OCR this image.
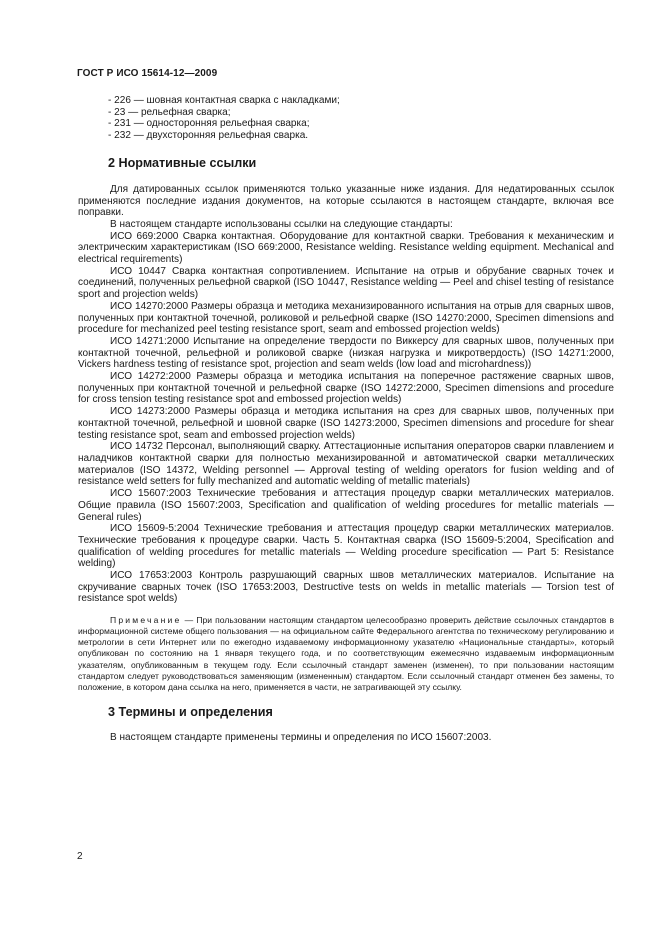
ГОСТ Р ИСО 15614-12—2009
- 226 — шовная контактная сварка с накладками;
- 23 — рельефная сварка;
- 231 — односторонняя рельефная сварка;
- 232 — двухсторонняя рельефная сварка.
2 Нормативные ссылки

Для датированных ссылок применяются только указанные ниже издания. Для недатированных ссылок применяются последние издания документов, на которые ссылаются в настоящем стандарте, включая все поправки.

В настоящем стандарте использованы ссылки на следующие стандарты:

ИСО 669:2000 Сварка контактная. Оборудование для контактной сварки. Требования к механическим и электрическим характеристикам (ISO 669:2000, Resistance welding. Resistance welding equipment. Mechanical and electrical requirements)

ИСО 10447 Сварка контактная сопротивлением. Испытание на отрыв и обрубание сварных точек и соединений, полученных рельефной сваркой (ISO 10447, Resistance welding — Peel and chisel testing of resistance sport and projection welds)

ИСО 14270:2000 Размеры образца и методика механизированного испытания на отрыв для сварных швов, полученных при контактной точечной, роликовой и рельефной сварке (ISO 14270:2000, Specimen dimensions and procedure for mechanized peel testing resistance sport, seam and embossed projection welds)

ИСО 14271:2000 Испытание на определение твердости по Виккерсу для сварных швов, полученных при контактной точечной, рельефной и роликовой сварке (низкая нагрузка и микротвердость) (ISO 14271:2000, Vickers hardness testing of resistance spot, projection and seam welds (low load and microhardness))

ИСО 14272:2000 Размеры образца и методика испытания на поперечное растяжение сварных швов, полученных при контактной точечной и рельефной сварке (ISO 14272:2000, Specimen dimensions and procedure for cross tension testing resistance spot and embossed projection welds)

ИСО 14273:2000 Размеры образца и методика испытания на срез для сварных швов, полученных при контактной точечной, рельефной и шовной сварке (ISO 14273:2000, Specimen dimensions and procedure for shear testing resistance spot, seam and embossed projection welds)

ИСО 14732 Персонал, выполняющий сварку. Аттестационные испытания операторов сварки плавлением и наладчиков контактной сварки для полностью механизированной и автоматической сварки металлических материалов (ISO 14372, Welding personnel — Approval testing of welding operators for fusion welding and of resistance weld setters for fully mechanized and automatic welding of metallic materials)

ИСО 15607:2003 Технические требования и аттестация процедур сварки металлических материалов. Общие правила (ISO 15607:2003, Specification and qualification of welding procedures for metallic materials — General rules)

ИСО 15609-5:2004 Технические требования и аттестация процедур сварки металлических материалов. Технические требования к процедуре сварки. Часть 5. Контактная сварка (ISO 15609-5:2004, Specification and qualification of welding procedures for metallic materials — Welding procedure specification — Part 5: Resistance welding)

ИСО 17653:2003 Контроль разрушающий сварных швов металлических материалов. Испытание на скручивание сварных точек (ISO 17653:2003, Destructive tests on welds in metallic materials — Torsion test of resistance spot welds)

Примечание — При пользовании настоящим стандартом целесообразно проверить действие ссылочных стандартов в информационной системе общего пользования — на официальном сайте Федерального агентства по техническому регулированию и метрологии в сети Интернет или по ежегодно издаваемому информационному указателю «Национальные стандарты», который опубликован по состоянию на 1 января текущего года, и по соответствующим ежемесячно издаваемым информационным указателям, опубликованным в текущем году. Если ссылочный стандарт заменен (изменен), то при пользовании настоящим стандартом следует руководствоваться заменяющим (измененным) стандартом. Если ссылочный стандарт отменен без замены, то положение, в котором дана ссылка на него, применяется в части, не затрагивающей эту ссылку.

3 Термины и определения

В настоящем стандарте применены термины и определения по ИСО 15607:2003.

2
